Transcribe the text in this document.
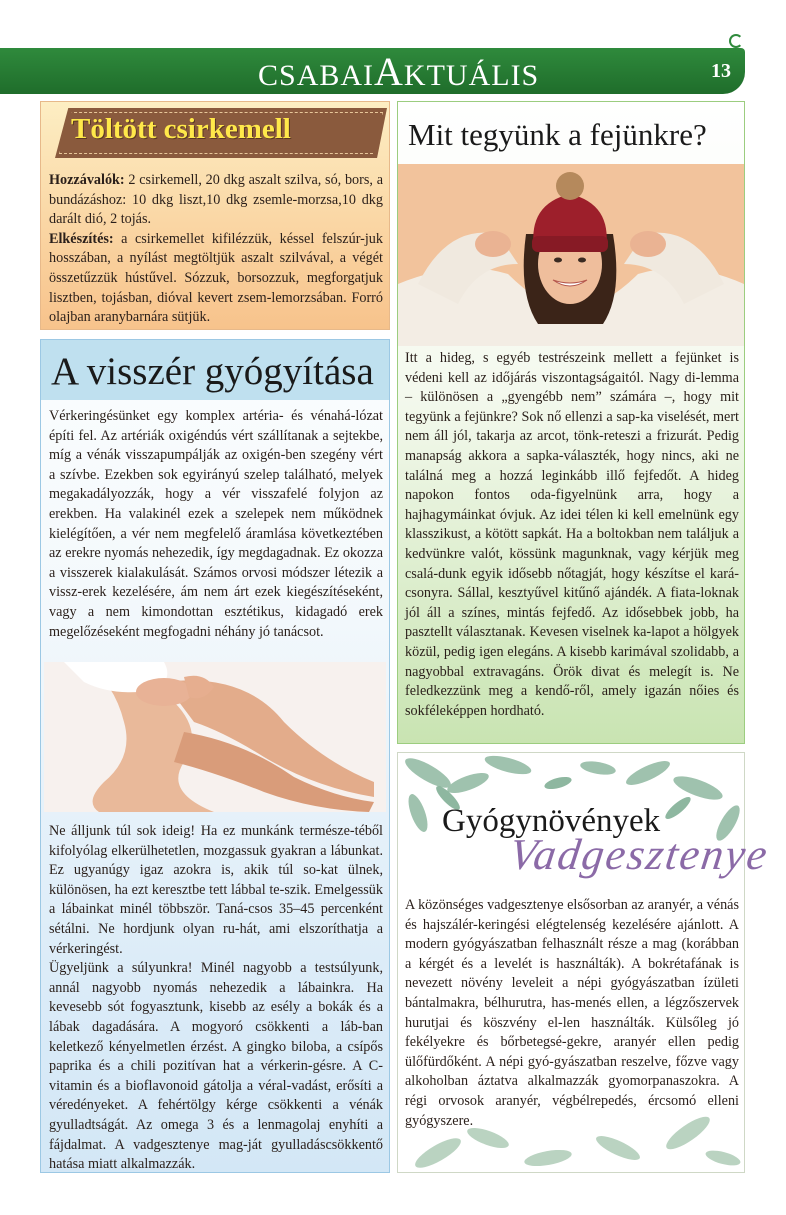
CSABAIAKTUÁLIS	13
Töltött csirkemell
Hozzávalók: 2 csirkemell, 20 dkg aszalt szilva, só, bors, a bundázáshoz: 10 dkg liszt,10 dkg zsemle-morzsa,10 dkg darált dió, 2 tojás.
Elkészítés: a csirkemellet kifilézzük, késsel felszúr-juk hosszában, a nyílást megtöltjük aszalt szilvával, a végét összetűzzük hústűvel. Sózzuk, borsozzuk, megforgatjuk lisztben, tojásban, dióval kevert zsem-lemorzsában. Forró olajban aranybarnára sütjük.
A visszér gyógyítása
Vérkeringésünket egy komplex artéria- és vénahá-lózat építi fel. Az artériák oxigéndús vért szállítanak a sejtekbe, míg a vénák visszapumpálják az oxigén-ben szegény vért a szívbe. Ezekben sok egyirányú szelep található, melyek megakadályozzák, hogy a vér visszafelé folyjon az erekben. Ha valakinél ezek a szelepek nem működnek kielégítően, a vér nem megfelelő áramlása következtében az erekre nyomás nehezedik, így megdagadnak. Ez okozza a visszerek kialakulását. Számos orvosi módszer létezik a vissz-erek kezelésére, ám nem árt ezek kiegészítéseként, vagy a nem kimondottan esztétikus, kidagadó erek megelőzéseként megfogadni néhány jó tanácsot.
Ne álljunk túl sok ideig! Ha ez munkánk természe-téből kifolyólag elkerülhetetlen, mozgassuk gyakran a lábunkat. Ez ugyanúgy igaz azokra is, akik túl so-kat ülnek, különösen, ha ezt keresztbe tett lábbal te-szik. Emelgessük a lábainkat minél többször. Taná-csos 35–45 percenként sétálni. Ne hordjunk olyan ru-hát, ami elszoríthatja a vérkeringést.
Ügyeljünk a súlyunkra! Minél nagyobb a testsúlyunk, annál nagyobb nyomás nehezedik a lábainkra. Ha kevesebb sót fogyasztunk, kisebb az esély a bokák és a lábak dagadására. A mogyoró csökkenti a láb-ban keletkező kényelmetlen érzést. A gingko biloba, a csípős paprika és a chili pozitívan hat a vérkerin-gésre. A C-vitamin és a bioflavonoid gátolja a véral-vadást, erősíti a véredényeket. A fehértölgy kérge csökkenti a vénák gyulladtságát. Az omega 3 és a lenmagolaj enyhíti a fájdalmat. A vadgesztenye mag-ját gyulladáscsökkentő hatása miatt alkalmazzák.
Mit tegyünk a fejünkre?
Itt a hideg, s egyéb testrészeink mellett a fejünket is védeni kell az időjárás viszontagságaitól. Nagy di-lemma – különösen a „gyengébb nem” számára –, hogy mit tegyünk a fejünkre? Sok nő ellenzi a sap-ka viselését, mert nem áll jól, takarja az arcot, tönk-reteszi a frizurát. Pedig manapság akkora a sapka-választék, hogy nincs, aki ne találná meg a hozzá leginkább illő fejfedőt. A hideg napokon fontos oda-figyelnünk arra, hogy a hajhagymáinkat óvjuk. Az idei télen ki kell emelnünk egy klasszikust, a kötött sapkát. Ha a boltokban nem találjuk a kedvünkre valót, kössünk magunknak, vagy kérjük meg csalá-dunk egyik idősebb nőtagját, hogy készítse el kará-csonyra. Sállal, kesztyűvel kitűnő ajándék. A fiata-loknak jól áll a színes, mintás fejfedő. Az idősebbek jobb, ha pasztellt választanak. Kevesen viselnek ka-lapot a hölgyek közül, pedig igen elegáns. A kisebb karimával szolidabb, a nagyobbal extravagáns. Örök divat és melegít is. Ne feledkezzünk meg a kendő-ről, amely igazán nőies és sokféleképpen hordható.
Gyógynövények
Vadgesztenye
A közönséges vadgesztenye elsősorban az aranyér, a vénás és hajszálér-keringési elégtelenség kezelésére ajánlott. A modern gyógyászatban felhasznált része a mag (korábban a kérgét és a levelét is használták). A bokrétafának is nevezett növény leveleit a népi gyógyászatban ízületi bántalmakra, bélhurutra, has-menés ellen, a légzőszervek hurutjai és köszvény el-len használták. Külsőleg jó fekélyekre és bőrbetegsé-gekre, aranyér ellen pedig ülőfürdőként. A népi gyó-gyászatban reszelve, főzve vagy alkoholban áztatva alkalmazzák gyomorpanaszokra. A régi orvosok aranyér, végbélrepedés, ércsomó elleni gyógyszere.
